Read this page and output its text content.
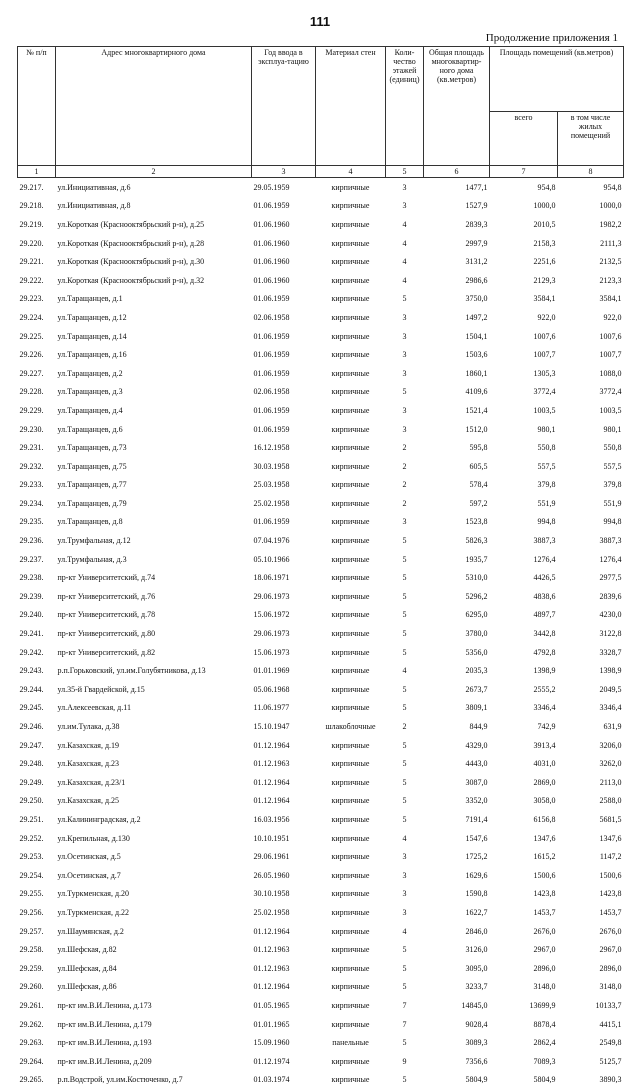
111
Продолжение приложения 1
№ п/п	Адрес многоквартирного дома	Год ввода в эксплуа-тацию	Материал стен	Коли-чество этажей (единиц)	Общая площадь многоквартир-ного дома (кв.метров)	Площадь помещений (кв.метров)	
						всего	в том числе жилых помещений
1	2	3	4	5	6	7	8
29.217.	ул.Инициативная, д.6	29.05.1959	кирпичные	3	1477,1	954,8	954,8
29.218.	ул.Инициативная, д.8	01.06.1959	кирпичные	3	1527,9	1000,0	1000,0
29.219.	ул.Короткая (Краснооктябрьский р-н), д.25	01.06.1960	кирпичные	4	2839,3	2010,5	1982,2
29.220.	ул.Короткая (Краснооктябрьский р-н), д.28	01.06.1960	кирпичные	4	2997,9	2158,3	2111,3
29.221.	ул.Короткая (Краснооктябрьский р-н), д.30	01.06.1960	кирпичные	4	3131,2	2251,6	2132,5
29.222.	ул.Короткая (Краснооктябрьский р-н), д.32	01.06.1960	кирпичные	4	2986,6	2129,3	2123,3
29.223.	ул.Таращанцев, д.1	01.06.1959	кирпичные	5	3750,0	3584,1	3584,1
29.224.	ул.Таращанцев, д.12	02.06.1958	кирпичные	3	1497,2	922,0	922,0
29.225.	ул.Таращанцев, д.14	01.06.1959	кирпичные	3	1504,1	1007,6	1007,6
29.226.	ул.Таращанцев, д.16	01.06.1959	кирпичные	3	1503,6	1007,7	1007,7
29.227.	ул.Таращанцев, д.2	01.06.1959	кирпичные	3	1860,1	1305,3	1088,0
29.228.	ул.Таращанцев, д.3	02.06.1958	кирпичные	5	4109,6	3772,4	3772,4
29.229.	ул.Таращанцев, д.4	01.06.1959	кирпичные	3	1521,4	1003,5	1003,5
29.230.	ул.Таращанцев, д.6	01.06.1959	кирпичные	3	1512,0	980,1	980,1
29.231.	ул.Таращанцев, д.73	16.12.1958	кирпичные	2	595,8	550,8	550,8
29.232.	ул.Таращанцев, д.75	30.03.1958	кирпичные	2	605,5	557,5	557,5
29.233.	ул.Таращанцев, д.77	25.03.1958	кирпичные	2	578,4	379,8	379,8
29.234.	ул.Таращанцев, д.79	25.02.1958	кирпичные	2	597,2	551,9	551,9
29.235.	ул.Таращанцев, д.8	01.06.1959	кирпичные	3	1523,8	994,8	994,8
29.236.	ул.Трумфальная, д.12	07.04.1976	кирпичные	5	5826,3	3887,3	3887,3
29.237.	ул.Трумфальная, д.3	05.10.1966	кирпичные	5	1935,7	1276,4	1276,4
29.238.	пр-кт Университетский, д.74	18.06.1971	кирпичные	5	5310,0	4426,5	2977,5
29.239.	пр-кт Университетский, д.76	29.06.1973	кирпичные	5	5296,2	4838,6	2839,6
29.240.	пр-кт Университетский, д.78	15.06.1972	кирпичные	5	6295,0	4897,7	4230,0
29.241.	пр-кт Университетский, д.80	29.06.1973	кирпичные	5	3780,0	3442,8	3122,8
29.242.	пр-кт Университетский, д.82	15.06.1973	кирпичные	5	5356,0	4792,8	3328,7
29.243.	р.п.Горьковский, ул.им.Голубятникова, д.13	01.01.1969	кирпичные	4	2035,3	1398,9	1398,9
29.244.	ул.35-й Гвардейской, д.15	05.06.1968	кирпичные	5	2673,7	2555,2	2049,5
29.245.	ул.Алексеевская, д.11	11.06.1977	кирпичные	5	3809,1	3346,4	3346,4
29.246.	ул.им.Тулака, д.38	15.10.1947	шлакоблочные	2	844,9	742,9	631,9
29.247.	ул.Казахская, д.19	01.12.1964	кирпичные	5	4329,0	3913,4	3206,0
29.248.	ул.Казахская, д.23	01.12.1963	кирпичные	5	4443,0	4031,0	3262,0
29.249.	ул.Казахская, д.23/1	01.12.1964	кирпичные	5	3087,0	2869,0	2113,0
29.250.	ул.Казахская, д.25	01.12.1964	кирпичные	5	3352,0	3058,0	2588,0
29.251.	ул.Калининградская, д.2	16.03.1956	кирпичные	5	7191,4	6156,8	5681,5
29.252.	ул.Крепильная, д.130	10.10.1951	кирпичные	4	1547,6	1347,6	1347,6
29.253.	ул.Осетинская, д.5	29.06.1961	кирпичные	3	1725,2	1615,2	1147,2
29.254.	ул.Осетинская, д.7	26.05.1960	кирпичные	3	1629,6	1500,6	1500,6
29.255.	ул.Туркменская, д.20	30.10.1958	кирпичные	3	1590,8	1423,8	1423,8
29.256.	ул.Туркменская, д.22	25.02.1958	кирпичные	3	1622,7	1453,7	1453,7
29.257.	ул.Шаумянская, д.2	01.12.1964	кирпичные	4	2846,0	2676,0	2676,0
29.258.	ул.Шефская, д.82	01.12.1963	кирпичные	5	3126,0	2967,0	2967,0
29.259.	ул.Шефская, д.84	01.12.1963	кирпичные	5	3095,0	2896,0	2896,0
29.260.	ул.Шефская, д.86	01.12.1964	кирпичные	5	3233,7	3148,0	3148,0
29.261.	пр-кт им.В.И.Ленина, д.173	01.05.1965	кирпичные	7	14845,0	13699,9	10133,7
29.262.	пр-кт им.В.И.Ленина, д.179	01.01.1965	кирпичные	7	9028,4	8878,4	4415,1
29.263.	пр-кт им.В.И.Ленина, д.193	15.09.1960	панельные	5	3089,3	2862,4	2549,8
29.264.	пр-кт им.В.И.Ленина, д.209	01.12.1974	кирпичные	9	7356,6	7089,3	5125,7
29.265.	р.п.Водстрой, ул.им.Костюченко, д.7	01.03.1974	кирпичные	5	5804,9	5804,9	3890,3
